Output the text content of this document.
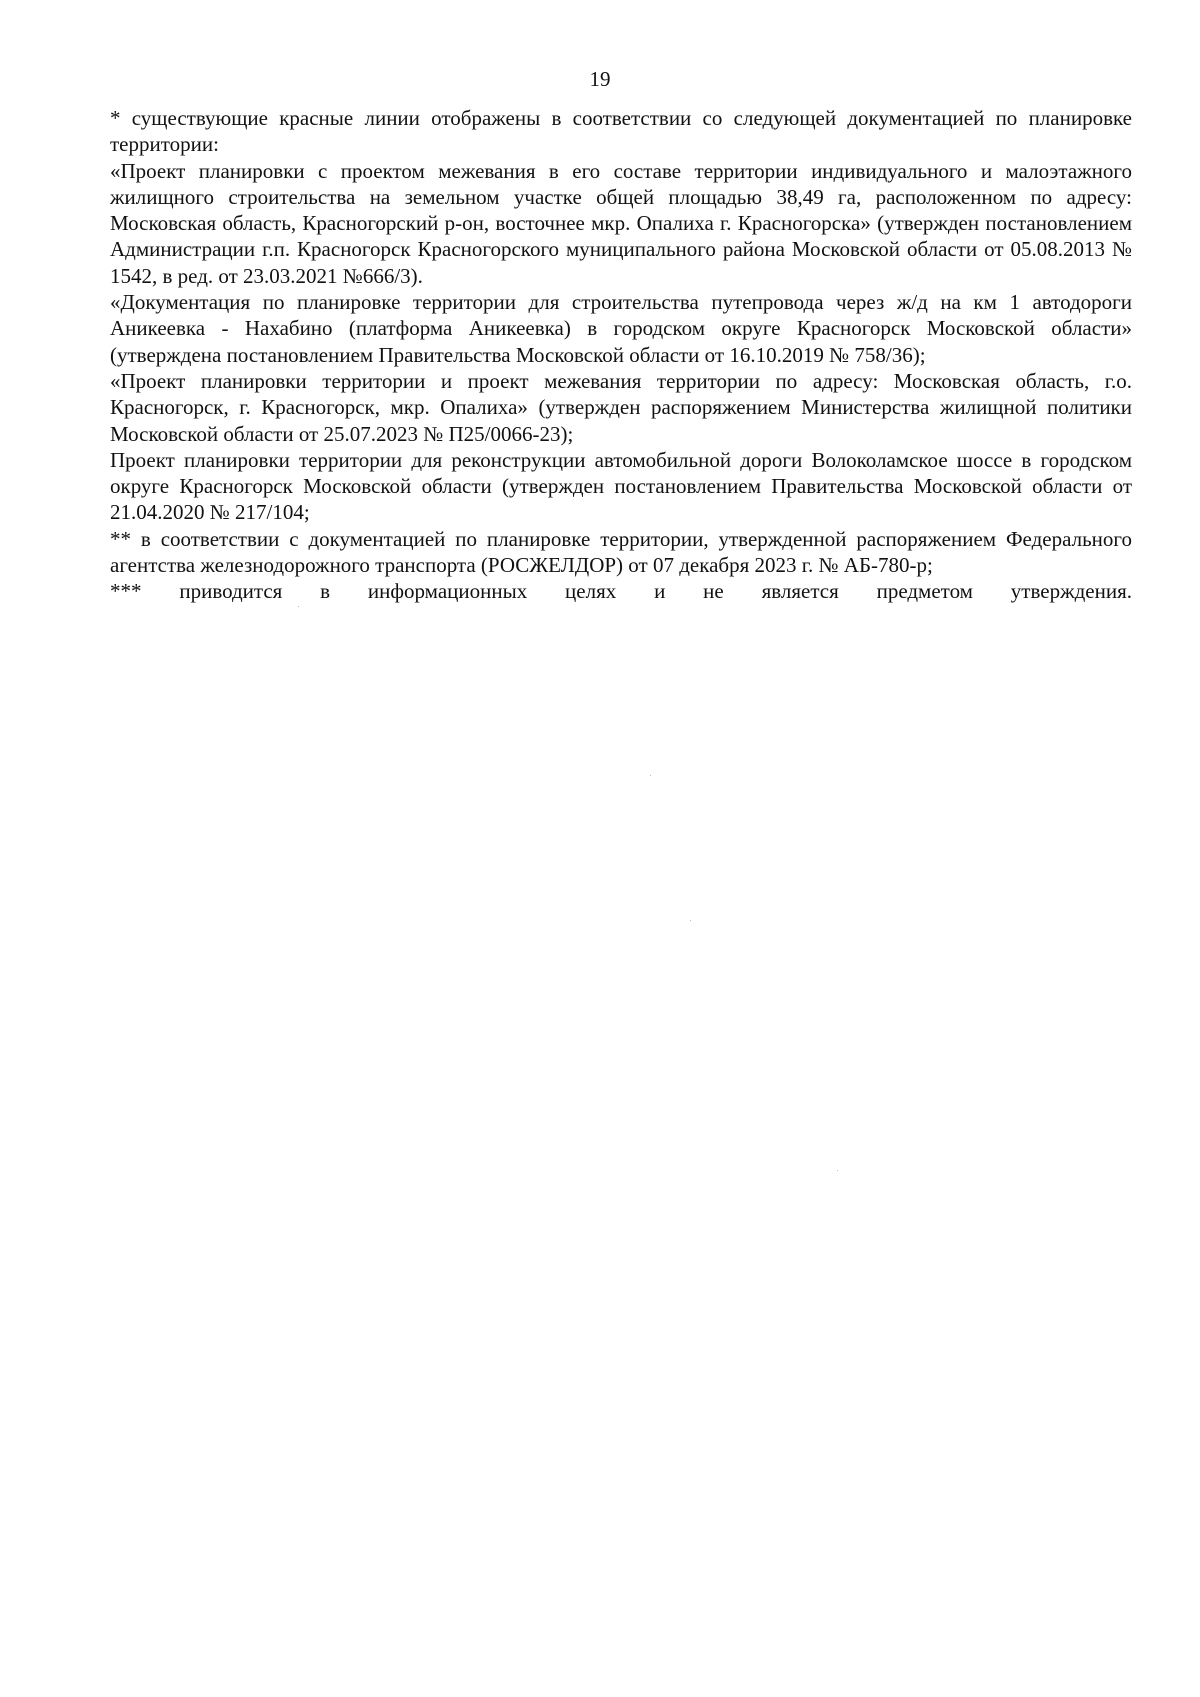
19

* существующие красные линии отображены в соответствии со следующей документацией по планировке территории:

«Проект планировки с проектом межевания в его составе территории индивидуального и малоэтажного жилищного строительства на земельном участке общей площадью 38,49 га, расположенном по адресу: Московская область, Красногорский р-он, восточнее мкр. Опалиха г. Красногорска» (утвержден постановлением Администрации г.п. Красногорск Красногорского муниципального района Московской области от 05.08.2013 № 1542, в ред. от 23.03.2021 №666/3).

«Документация по планировке территории для строительства путепровода через ж/д на км 1 автодороги Аникеевка - Нахабино (платформа Аникеевка) в городском округе Красногорск Московской области» (утверждена постановлением Правительства Московской области от 16.10.2019 № 758/36);

«Проект планировки территории и проект межевания территории по адресу: Московская область, г.о. Красногорск, г. Красногорск, мкр. Опалиха» (утвержден распоряжением Министерства жилищной политики Московской области от 25.07.2023 № П25/0066-23);

Проект планировки территории для реконструкции автомобильной дороги Волоколамское шоссе в городском округе Красногорск Московской области (утвержден постановлением Правительства Московской области от 21.04.2020 № 217/104;

** в соответствии с документацией по планировке территории, утвержденной распоряжением Федерального агентства железнодорожного транспорта (РОСЖЕЛДОР) от 07 декабря 2023 г. № АБ-780-р;

*** приводится в информационных целях и не является предметом утверждения.
